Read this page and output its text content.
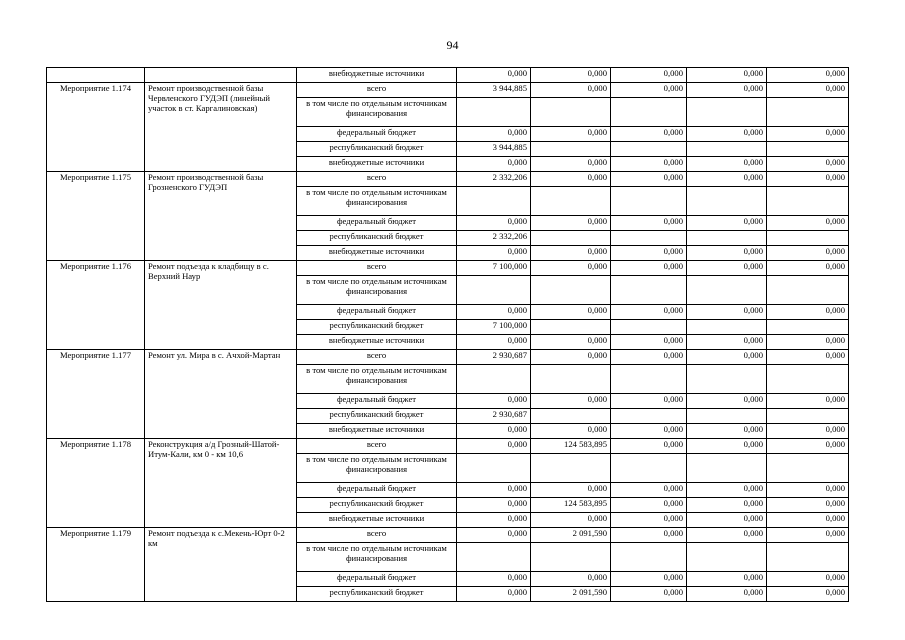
94
		внебюджетные источники	0,000	0,000	0,000	0,000	0,000
Мероприятие 1.174	Ремонт производственной базы Червленского ГУДЭП (линейный участок в ст. Каргалиновская)	всего	3 944,885	0,000	0,000	0,000	0,000
		в том числе по отдельным источникам финансирования					
		федеральный бюджет	0,000	0,000	0,000	0,000	0,000
		республиканский бюджет	3 944,885				
		внебюджетные источники	0,000	0,000	0,000	0,000	0,000
Мероприятие 1.175	Ремонт производственной базы Грозненского ГУДЭП	всего	2 332,206	0,000	0,000	0,000	0,000
		в том числе по отдельным источникам финансирования					
		федеральный бюджет	0,000	0,000	0,000	0,000	0,000
		республиканский бюджет	2 332,206				
		внебюджетные источники	0,000	0,000	0,000	0,000	0,000
Мероприятие 1.176	Ремонт подъезда к кладбищу в с. Верхний Наур	всего	7 100,000	0,000	0,000	0,000	0,000
		в том числе по отдельным источникам финансирования					
		федеральный бюджет	0,000	0,000	0,000	0,000	0,000
		республиканский бюджет	7 100,000				
		внебюджетные источники	0,000	0,000	0,000	0,000	0,000
Мероприятие 1.177	Ремонт ул. Мира в с. Ачхой-Мартан	всего	2 930,687	0,000	0,000	0,000	0,000
		в том числе по отдельным источникам финансирования					
		федеральный бюджет	0,000	0,000	0,000	0,000	0,000
		республиканский бюджет	2 930,687				
		внебюджетные источники	0,000	0,000	0,000	0,000	0,000
Мероприятие 1.178	Реконструкция а/д Грозный-Шатой-Итум-Кали, км 0 - км 10,6	всего	0,000	124 583,895	0,000	0,000	0,000
		в том числе по отдельным источникам финансирования					
		федеральный бюджет	0,000	0,000	0,000	0,000	0,000
		республиканский бюджет	0,000	124 583,895	0,000	0,000	0,000
		внебюджетные источники	0,000	0,000	0,000	0,000	0,000
Мероприятие 1.179	Ремонт подъезда к с.Мекень-Юрт 0-2 км	всего	0,000	2 091,590	0,000	0,000	0,000
		в том числе по отдельным источникам финансирования					
		федеральный бюджет	0,000	0,000	0,000	0,000	0,000
		республиканский бюджет	0,000	2 091,590	0,000	0,000	0,000
